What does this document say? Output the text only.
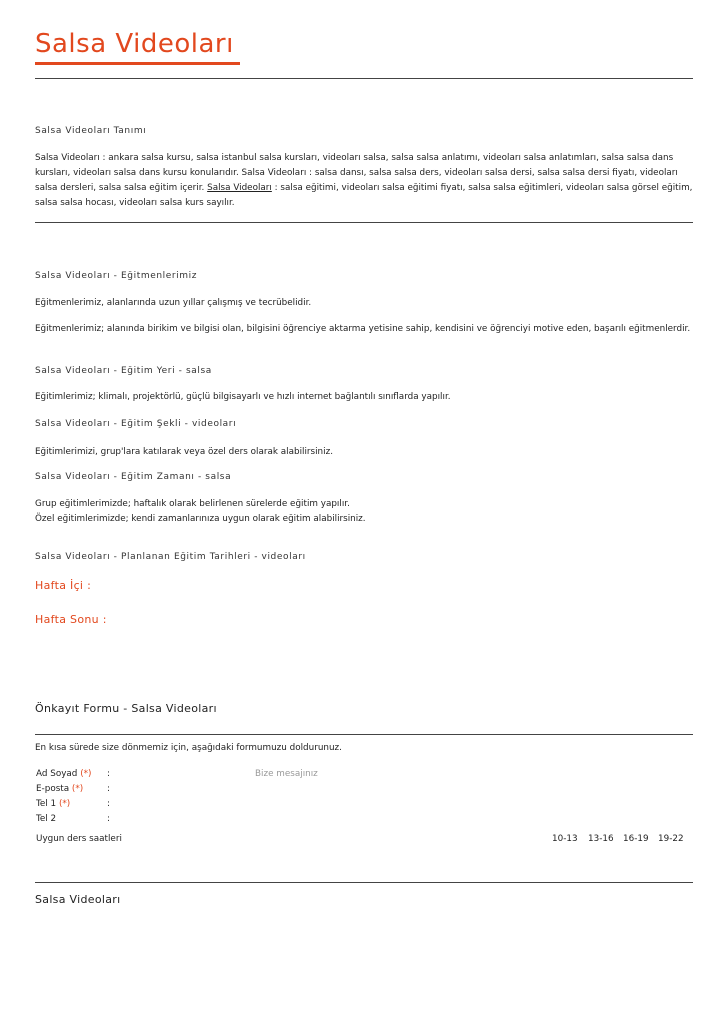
Salsa Videoları
Salsa Videoları Tanımı

Salsa Videoları : ankara salsa kursu, salsa istanbul salsa kursları, videoları salsa, salsa salsa anlatımı, videoları salsa anlatımları, salsa salsa dans kursları, videoları salsa dans kursu konularıdır. Salsa Videoları : salsa dansı, salsa salsa ders, videoları salsa dersi, salsa salsa dersi fiyatı, videoları salsa dersleri, salsa salsa eğitim içerir. Salsa Videoları : salsa eğitimi, videoları salsa eğitimi fiyatı, salsa salsa eğitimleri, videoları salsa görsel eğitim, salsa salsa hocası, videoları salsa kurs sayılır.

Salsa Videoları - Eğitmenlerimiz

Eğitmenlerimiz, alanlarında uzun yıllar çalışmış ve tecrübelidir.

Eğitmenlerimiz; alanında birikim ve bilgisi olan, bilgisini öğrenciye aktarma yetisine sahip, kendisini ve öğrenciyi motive eden, başarılı eğitmenlerdir.

Salsa Videoları - Eğitim Yeri - salsa

Eğitimlerimiz; klimalı, projektörlü, güçlü bilgisayarlı ve hızlı internet bağlantılı sınıflarda yapılır.

Salsa Videoları - Eğitim Şekli - videoları

Eğitimlerimizi, grup'lara katılarak veya özel ders olarak alabilirsiniz.

Salsa Videoları - Eğitim Zamanı - salsa

Grup eğitimlerimizde; haftalık olarak belirlenen sürelerde eğitim yapılır.

Özel eğitimlerimizde; kendi zamanlarınıza uygun olarak eğitim alabilirsiniz.

Salsa Videoları - Planlanan Eğitim Tarihleri - videoları
Hafta İçi :
Hafta Sonu :
Önkayıt Formu - Salsa Videoları

En kısa sürede size dönmemiz için, aşağıdaki formumuzu doldurunuz.

Ad Soyad (*) :
E-posta (*)	:
Tel 1 (*)	:
Tel 2	:
Bize mesajınız
Uygun ders saatleri	10-13 13-16 16-19 19-22
Salsa Videoları
